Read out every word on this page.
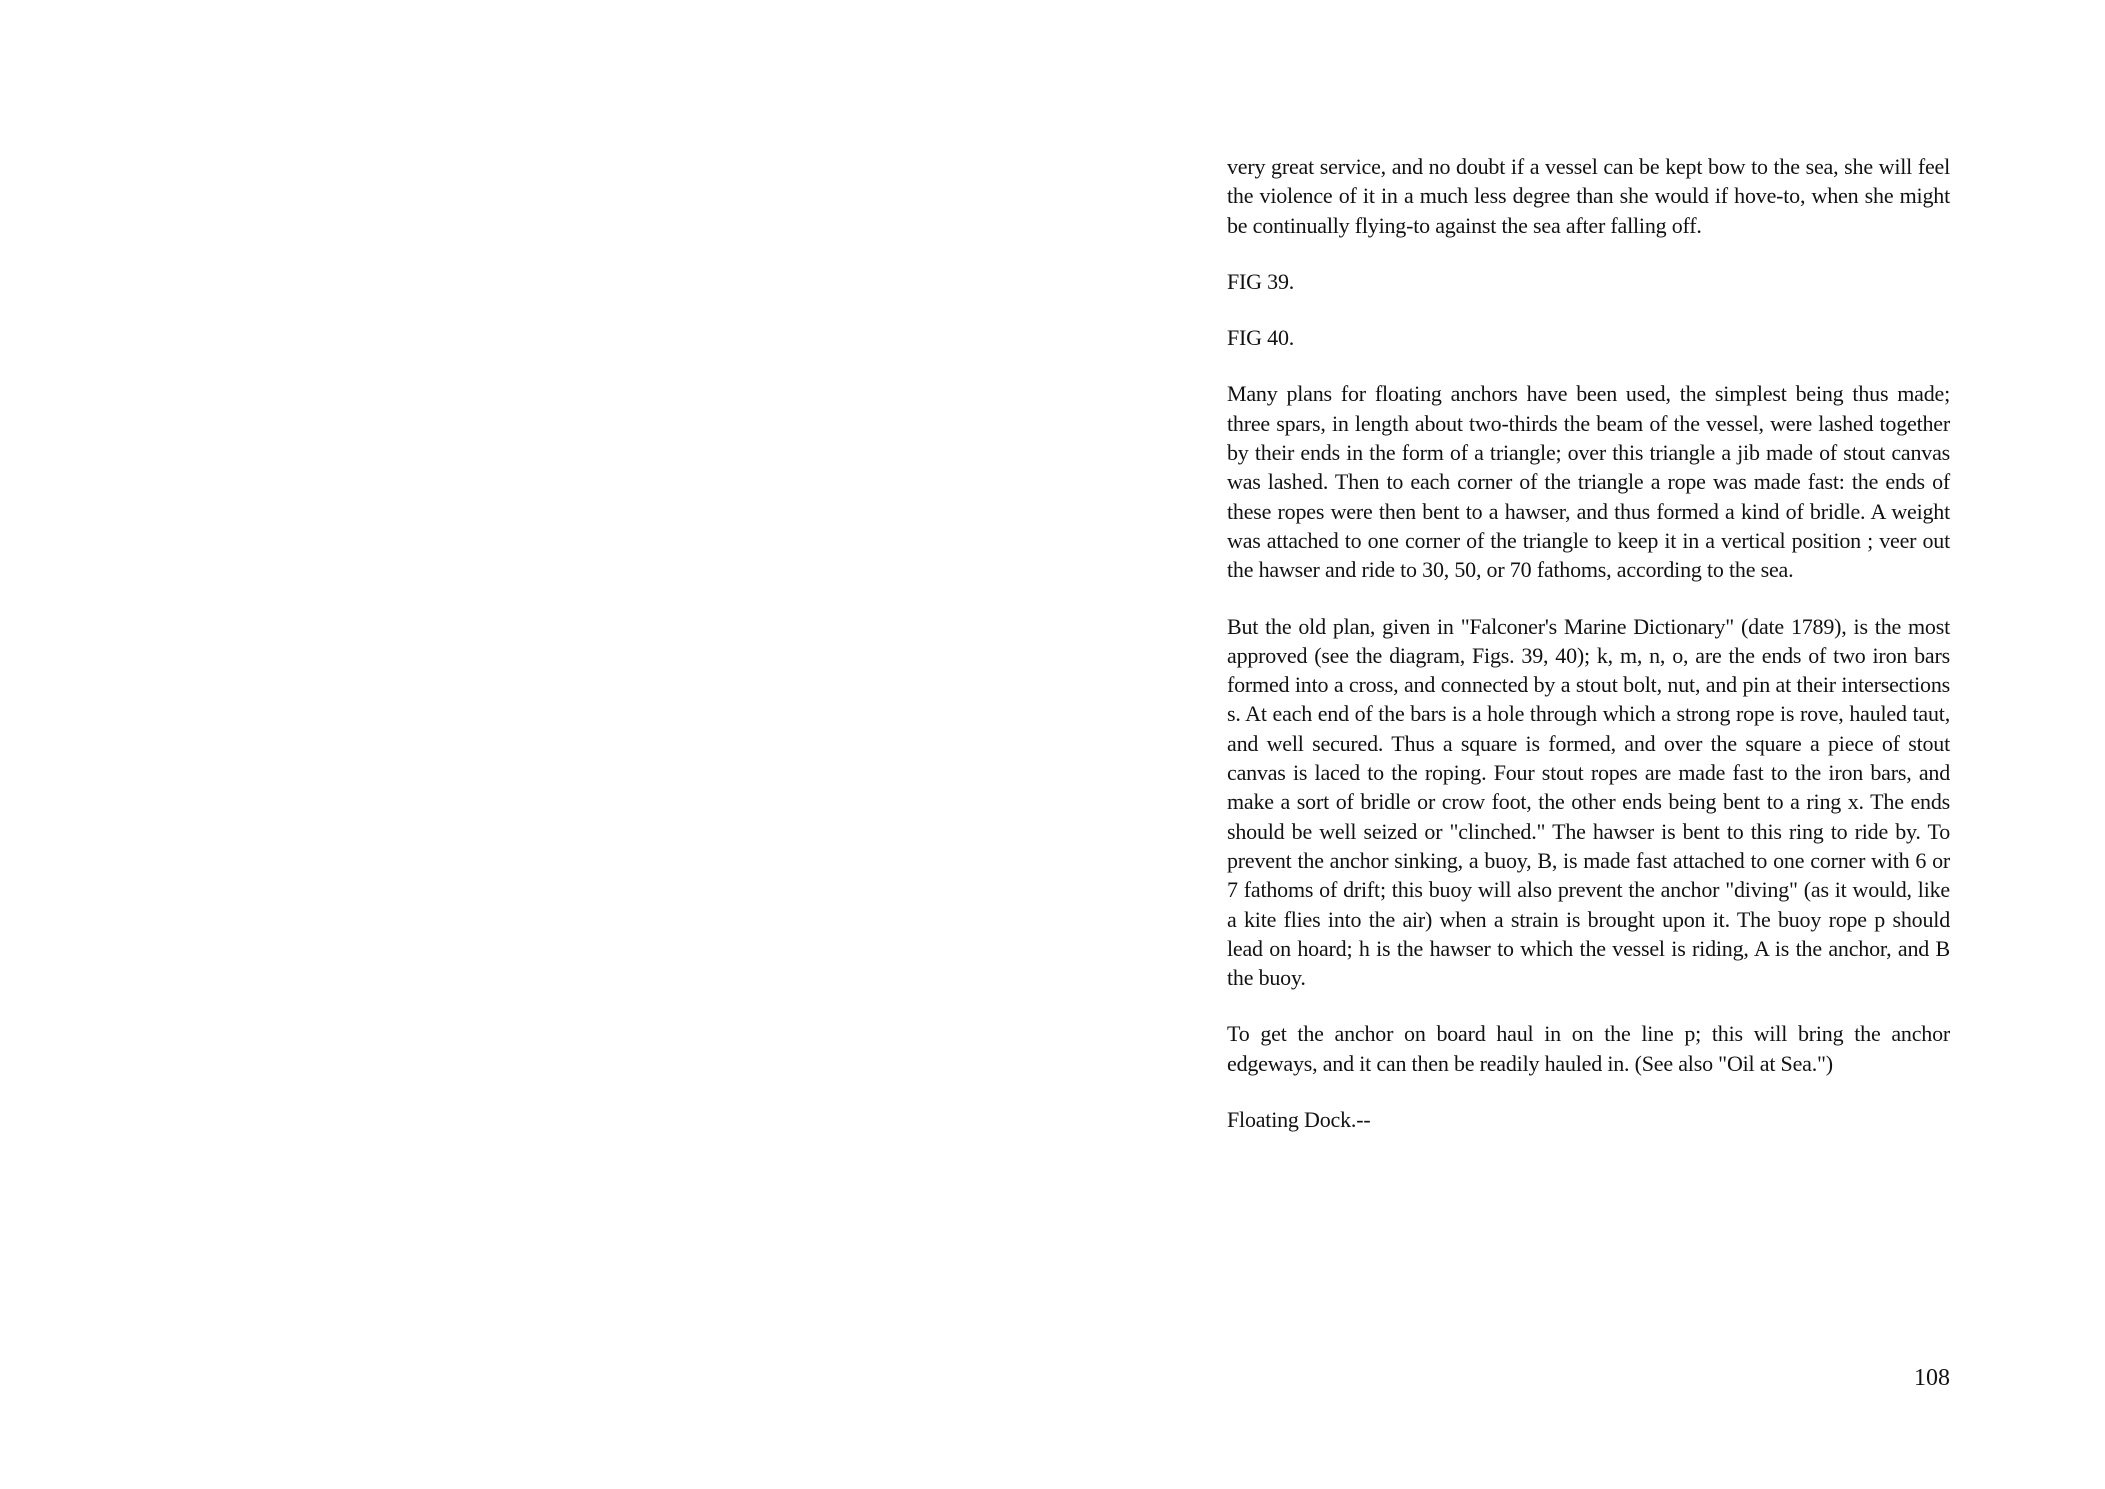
very great service, and no doubt if a vessel can be kept bow to the sea, she will feel the violence of it in a much less degree than she would if hove-to, when she might be continually flying-to against the sea after falling off.

FIG 39.

FIG 40.

Many plans for floating anchors have been used, the simplest being thus made; three spars, in length about two-thirds the beam of the vessel, were lashed together by their ends in the form of a triangle; over this triangle a jib made of stout canvas was lashed. Then to each corner of the triangle a rope was made fast: the ends of these ropes were then bent to a hawser, and thus formed a kind of bridle. A weight was attached to one corner of the triangle to keep it in a vertical position ; veer out the hawser and ride to 30, 50, or 70 fathoms, according to the sea.

But the old plan, given in "Falconer's Marine Dictionary" (date 1789), is the most approved (see the diagram, Figs. 39, 40); k, m, n, o, are the ends of two iron bars formed into a cross, and connected by a stout bolt, nut, and pin at their intersections s. At each end of the bars is a hole through which a strong rope is rove, hauled taut, and well secured. Thus a square is formed, and over the square a piece of stout canvas is laced to the roping. Four stout ropes are made fast to the iron bars, and make a sort of bridle or crow foot, the other ends being bent to a ring x. The ends should be well seized or "clinched." The hawser is bent to this ring to ride by. To prevent the anchor sinking, a buoy, B, is made fast attached to one corner with 6 or 7 fathoms of drift; this buoy will also prevent the anchor "diving" (as it would, like a kite flies into the air) when a strain is brought upon it. The buoy rope p should lead on hoard; h is the hawser to which the vessel is riding, A is the anchor, and B the buoy.

To get the anchor on board haul in on the line p; this will bring the anchor edgeways, and it can then be readily hauled in. (See also "Oil at Sea.")

Floating Dock.--

108
